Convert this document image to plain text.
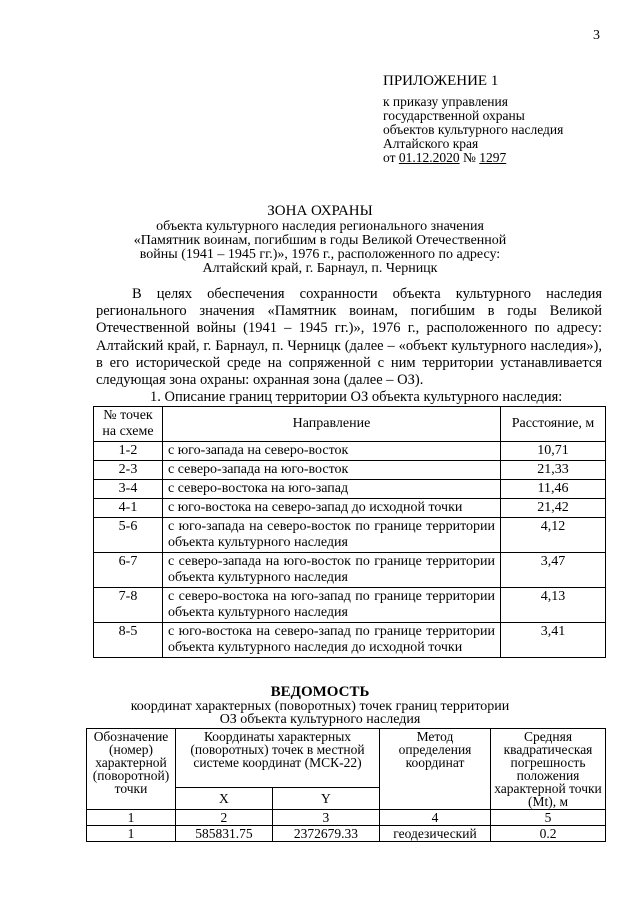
3
ПРИЛОЖЕНИЕ 1
к приказу управления
государственной охраны
объектов культурного наследия
Алтайского края
от 01.12.2020 № 1297
ЗОНА ОХРАНЫ
объекта культурного наследия регионального значения
«Памятник воинам, погибшим в годы Великой Отечественной
войны (1941 – 1945 гг.)», 1976 г., расположенного по адресу:
Алтайский край, г. Барнаул, п. Черницк
В целях обеспечения сохранности объекта культурного наследия регионального значения «Памятник воинам, погибшим в годы Великой Отечественной войны (1941 – 1945 гг.)», 1976 г., расположенного по адресу: Алтайский край, г. Барнаул, п. Черницк (далее – «объект культурного наследия»), в его исторической среде на сопряженной с ним территории устанавливается следующая зона охраны: охранная зона (далее – ОЗ).
1. Описание границ территории ОЗ объекта культурного наследия:
№ точек на схеме	Направление	Расстояние, м
1-2	с юго-запада на северо-восток	10,71
2-3	с северо-запада на юго-восток	21,33
3-4	с северо-востока на юго-запад	11,46
4-1	с юго-востока на северо-запад до исходной точки	21,42
5-6	с юго-запада на северо-восток по границе территории объекта культурного наследия	4,12
6-7	с северо-запада на юго-восток по границе территории объекта культурного наследия	3,47
7-8	с северо-востока на юго-запад по границе территории объекта культурного наследия	4,13
8-5	с юго-востока на северо-запад по границе территории объекта культурного наследия до исходной точки	3,41
ВЕДОМОСТЬ
координат характерных (поворотных) точек границ территории
ОЗ объекта культурного наследия
Обозначение (номер) характерной (поворотной) точки	Координаты характерных (поворотных) точек в местной системе координат (МСК-22)		Метод определения координат	Средняя квадратическая погрешность положения характерной точки (Mt), м
	X	Y		
1	2	3	4	5
1	585831.75	2372679.33	геодезический	0.2
